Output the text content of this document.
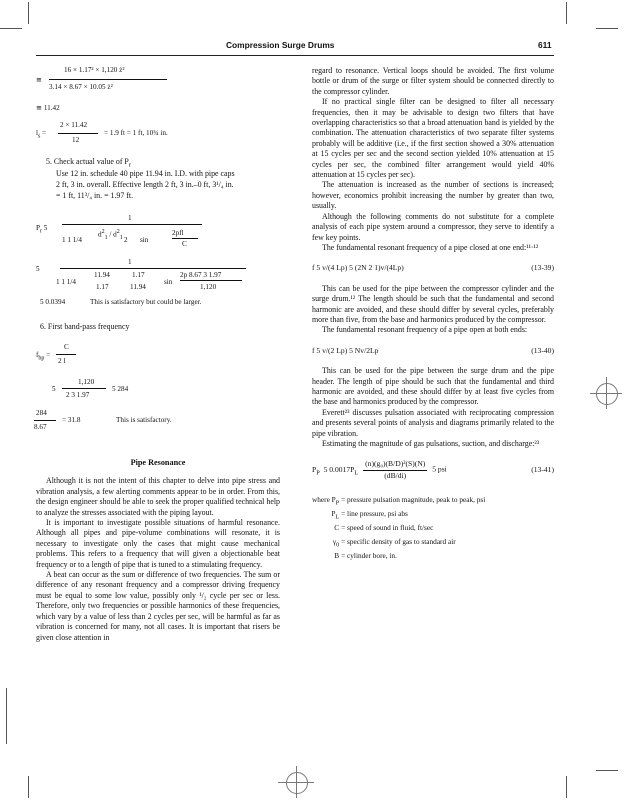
Compression Surge Drums	611
≅
16 × 1.17² × 1,120 ż²
3.14 × 8.67 × 10.05 ż²
≅ 11.42
$l_s$ =
2 × 11.42
12
= 1.9 ft = 1 ft, 10¾ in.
5. Check actual value of $P_r$
Use 12 in. schedule 40 pipe 11.94 in. I.D. with pipe caps
2 ft, 3 in. overall. Effective length 2 ft, 3 in.–0 ft, 3¹/₄ in.
= 1 ft, 11³/₄ in. = 1.97 ft.
$P_r$ 5
1
1 1 1/4
$d^2_1 / d^2_1$ 2 sin
2pfl
C
5
1
1 1 1/4
11.94
1.17
1.17
11.94
sin
2p 8.67 3 1.97
1,120
5 0.0394	This is satisfactory but could be larger.
6. First band-pass frequency
$f_{bp}$ =
C
2 l
5
1,120
2 3 1.97
5 284
284
8.67
= 31.8	This is satisfactory.
Pipe Resonance

Although it is not the intent of this chapter to delve into pipe stress and vibration analysis, a few alerting comments appear to be in order. From this, the design engineer should be able to seek the proper qualified technical help to analyze the stresses associated with the piping layout.

It is important to investigate possible situations of harmful resonance. Although all pipes and pipe-volume combinations will resonate, it is necessary to investigate only the cases that might cause mechanical problems. This refers to a frequency that will given a objectionable beat frequency or to a length of pipe that is tuned to a stimulating frequency.

A beat can occur as the sum or difference of two frequencies. The sum or difference of any resonant frequency and a compressor driving frequency must be equal to some low value, possibly only ¹/₂ cycle per sec or less. Therefore, only two frequencies or possible harmonics of these frequencies, which vary by a value of less than 2 cycles per sec, will be harmful as far as vibration is concerned for many, not all cases. It is important that risers be given close attention in

regard to resonance. Vertical loops should be avoided. The first volume bottle or drum of the surge or filter system should be connected directly to the compressor cylinder.

If no practical single filter can be designed to filter all necessary frequencies, then it may be advisable to design two filters that have overlapping characteristics so that a broad attenuation band is yielded by the combination. The attenuation characteristics of two separate filter systems probably will be additive (i.e., if the first section showed a 30% attenuation at 15 cycles per sec and the second section yielded 10% attenuation at 15 cycles per sec, the combined filter arrangement would yield 40% attenuation at 15 cycles per sec).

The attenuation is increased as the number of sections is increased; however, economics prohibit increasing the number by greater than two, usually.

Although the following comments do not substitute for a complete analysis of each pipe system around a compressor, they serve to identify a few key points.

The fundamental resonant frequency of a pipe closed at one end:¹¹·¹²

f 5 v/(4 Lp) 5 (2N 2 1)v/(4Lp)	(13-39)

This can be used for the pipe between the compressor cylinder and the surge drum.¹² The length should be such that the fundamental and second harmonic are avoided, and these should differ by several cycles, preferably more than five, from the base and harmonics produced by the compressor.

The fundamental resonant frequency of a pipe open at both ends:

f 5 v/(2 Lp) 5 Nv/2Lp	(13-40)

This can be used for the pipe between the surge drum and the pipe header. The length of pipe should be such that the fundamental and third harmonic are avoided, and these should differ by at least five cycles from the base and harmonics produced by the compressor.

Everett²³ discusses pulsation associated with reciprocating compression and presents several points of analysis and diagrams primarily related to the pipe vibration.

Estimating the magnitude of gas pulsations, suction, and discharge:²³

$P_P$ 5 $0.0017P_L \frac{\text{(n)(g₀)(B/D)²(S)(N)}}{(dB/di)} 5$ psi	(13-41)
where $P_P$	= pressure pulsation magnitude, peak to peak, psi
$P_L$	= line pressure, psi abs
C	= speed of sound in fluid, ft/sec
$\gamma_0$	= specific density of gas to standard air
B	= cylinder bore, in.
